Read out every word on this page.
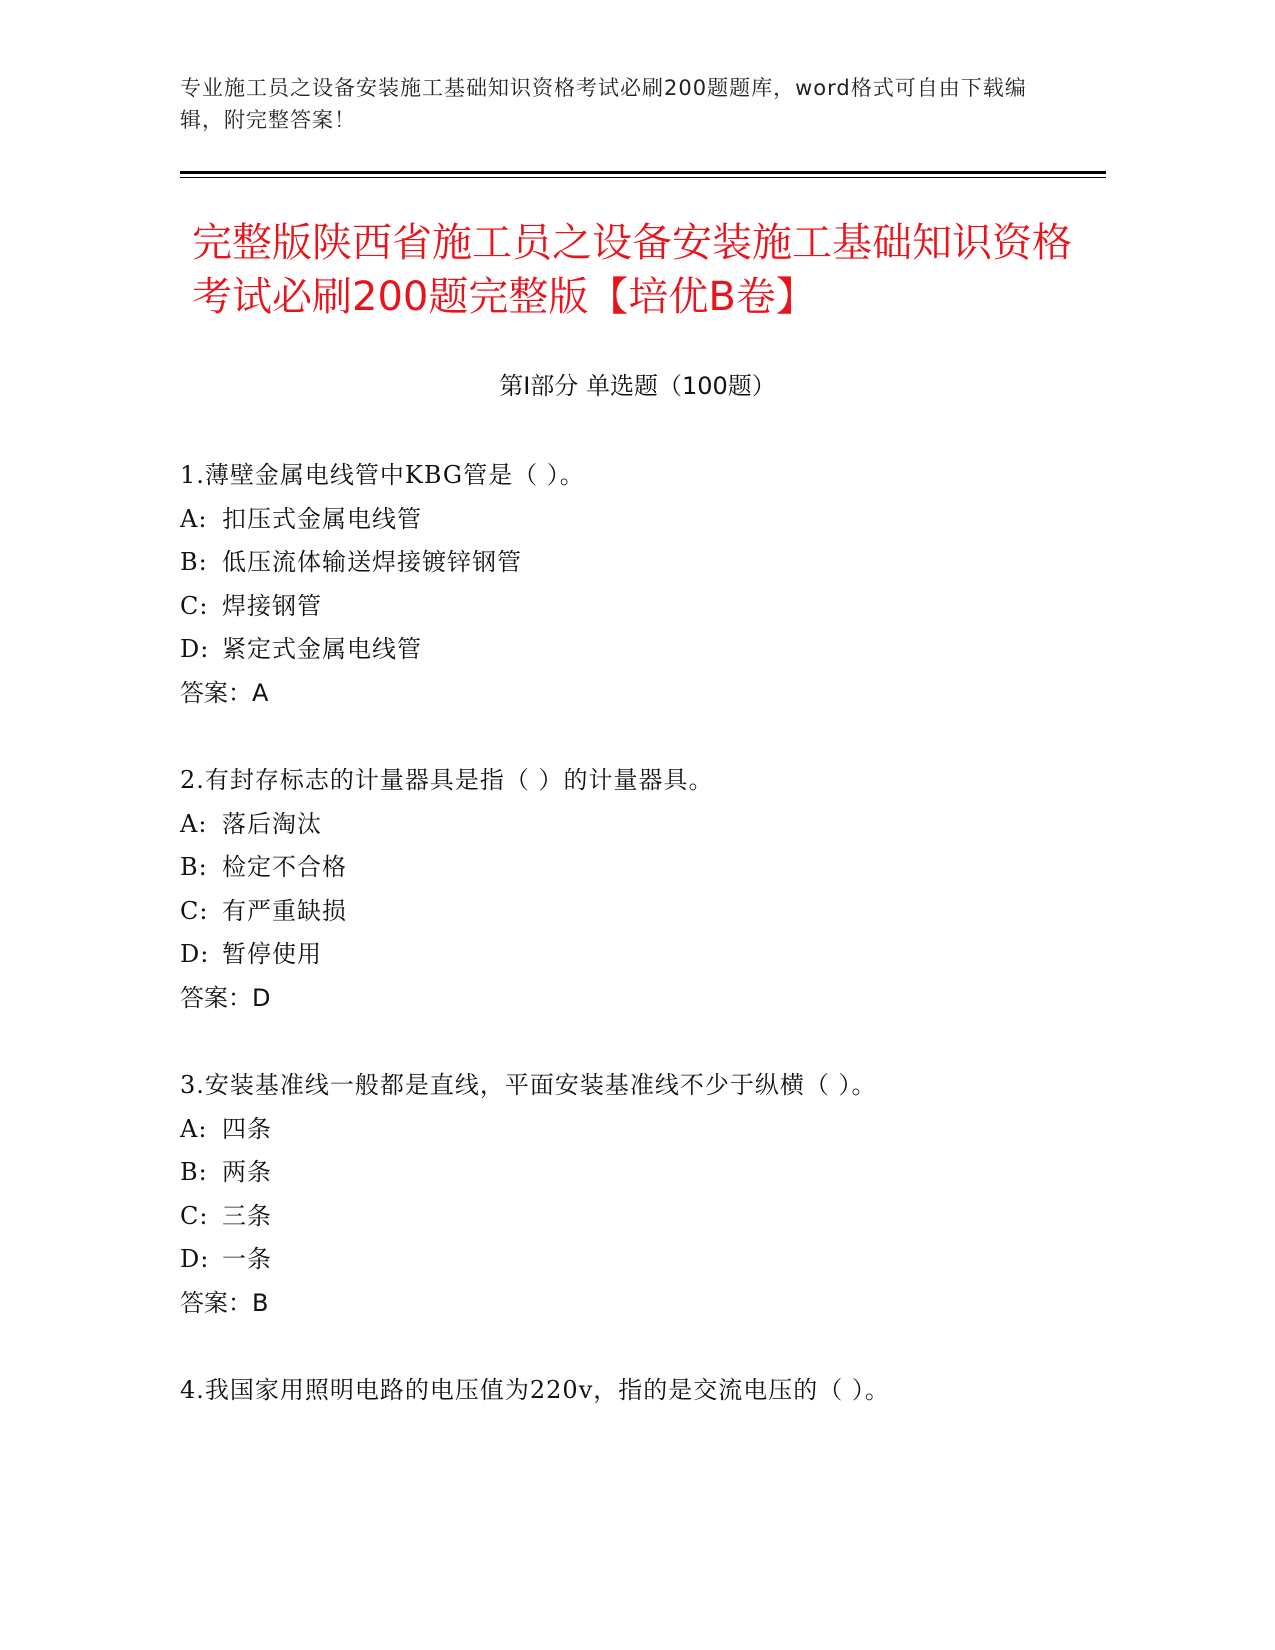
专业施工员之设备安装施工基础知识资格考试必刷200题题库，word格式可自由下载编辑，附完整答案！
完整版陕西省施工员之设备安装施工基础知识资格考试必刷200题完整版【培优B卷】
第I部分 单选题（100题）
1.薄壁金属电线管中KBG管是（ ）。
A: 扣压式金属电线管
B: 低压流体输送焊接镀锌钢管
C: 焊接钢管
D: 紧定式金属电线管
答案：A
2.有封存标志的计量器具是指（ ）的计量器具。
A: 落后淘汰
B: 检定不合格
C: 有严重缺损
D: 暂停使用
答案：D
3.安装基准线一般都是直线，平面安装基准线不少于纵横（ ）。
A: 四条
B: 两条
C: 三条
D: 一条
答案：B
4.我国家用照明电路的电压值为220v，指的是交流电压的（ ）。
